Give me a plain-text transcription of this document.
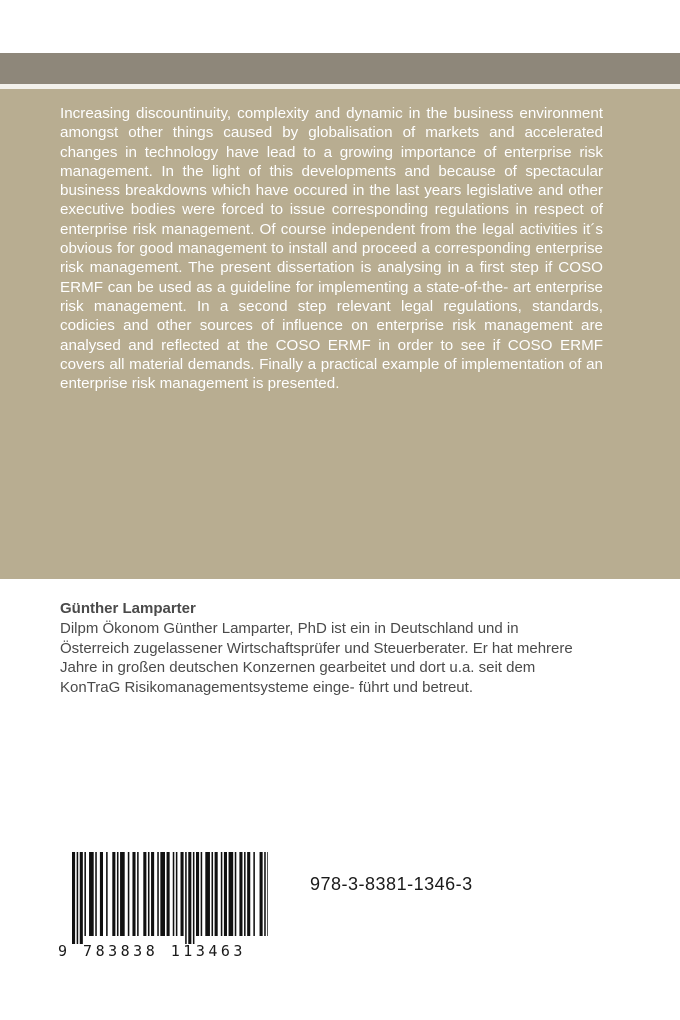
Increasing discountinuity, complexity and dynamic in the business environment amongst other things caused by globalisation of markets and accelerated changes in technology have lead to a growing importance of enterprise risk management. In the light of this developments and because of spectacular business breakdowns which have occured in the last years legislative and other executive bodies were forced to issue corresponding regulations in respect of enterprise risk management. Of course independent from the legal activities it´s obvious for good management to install and proceed a corresponding enterprise risk management. The present dissertation is analysing in a first step if COSO ERMF can be used as a guideline for implementing a state-of-the- art enterprise risk management. In a second step relevant legal regulations, standards, codicies and other sources of influence on enterprise risk management are analysed and reflected at the COSO ERMF in order to see if COSO ERMF covers all material demands. Finally a practical example of implementation of an enterprise risk management is presented.

Günther Lamparter

Dilpm Ökonom Günther Lamparter, PhD ist ein in Deutschland und in Österreich zugelassener Wirtschaftsprüfer und Steuerberater. Er hat mehrere Jahre in großen deutschen Konzernen gearbeitet und dort u.a. seit dem KonTraG Risikomanagementsysteme einge- führt und betreut.

9 783838 113463
978-3-8381-1346-3
